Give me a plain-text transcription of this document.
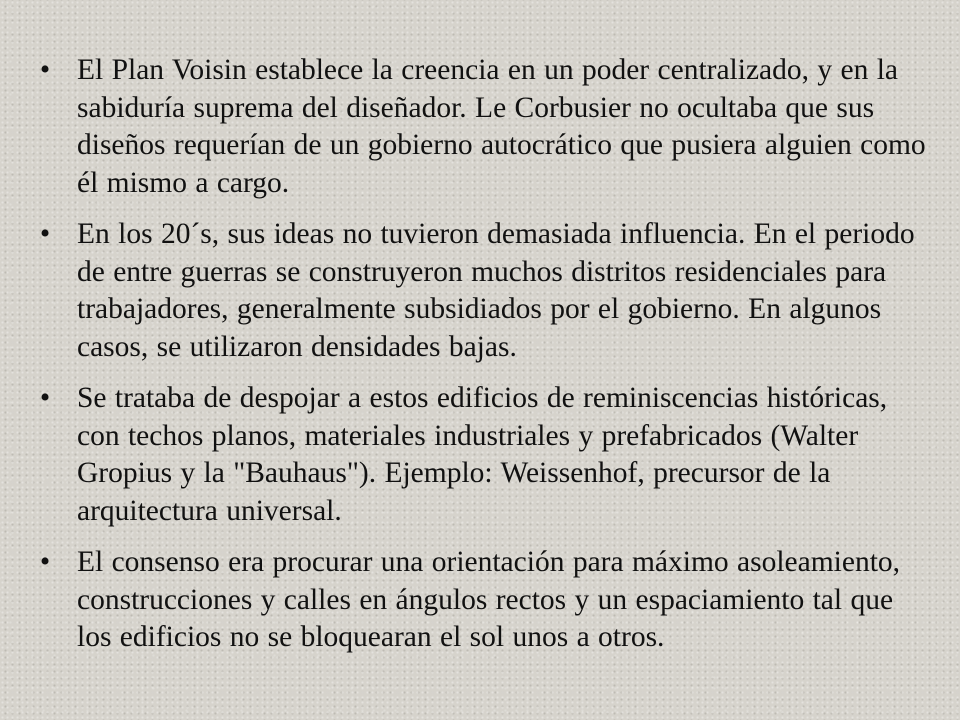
• El Plan Voisin establece la creencia en un poder centralizado, y en la sabiduría suprema del diseñador. Le Corbusier no ocultaba que sus diseños requerían de un gobierno autocrático que pusiera alguien como él mismo a cargo.
• En los 20´s, sus ideas no tuvieron demasiada influencia. En el periodo de entre guerras se construyeron muchos distritos residenciales para trabajadores, generalmente subsidiados por el gobierno. En algunos casos, se utilizaron densidades bajas.
• Se trataba de despojar a estos edificios de reminiscencias históricas, con techos planos, materiales industriales y prefabricados (Walter Gropius y la "Bauhaus"). Ejemplo: Weissenhof, precursor de la arquitectura universal.
• El consenso era procurar una orientación para máximo asoleamiento, construcciones y calles en ángulos rectos y un espaciamiento tal que los edificios no se bloquearan el sol unos a otros.
